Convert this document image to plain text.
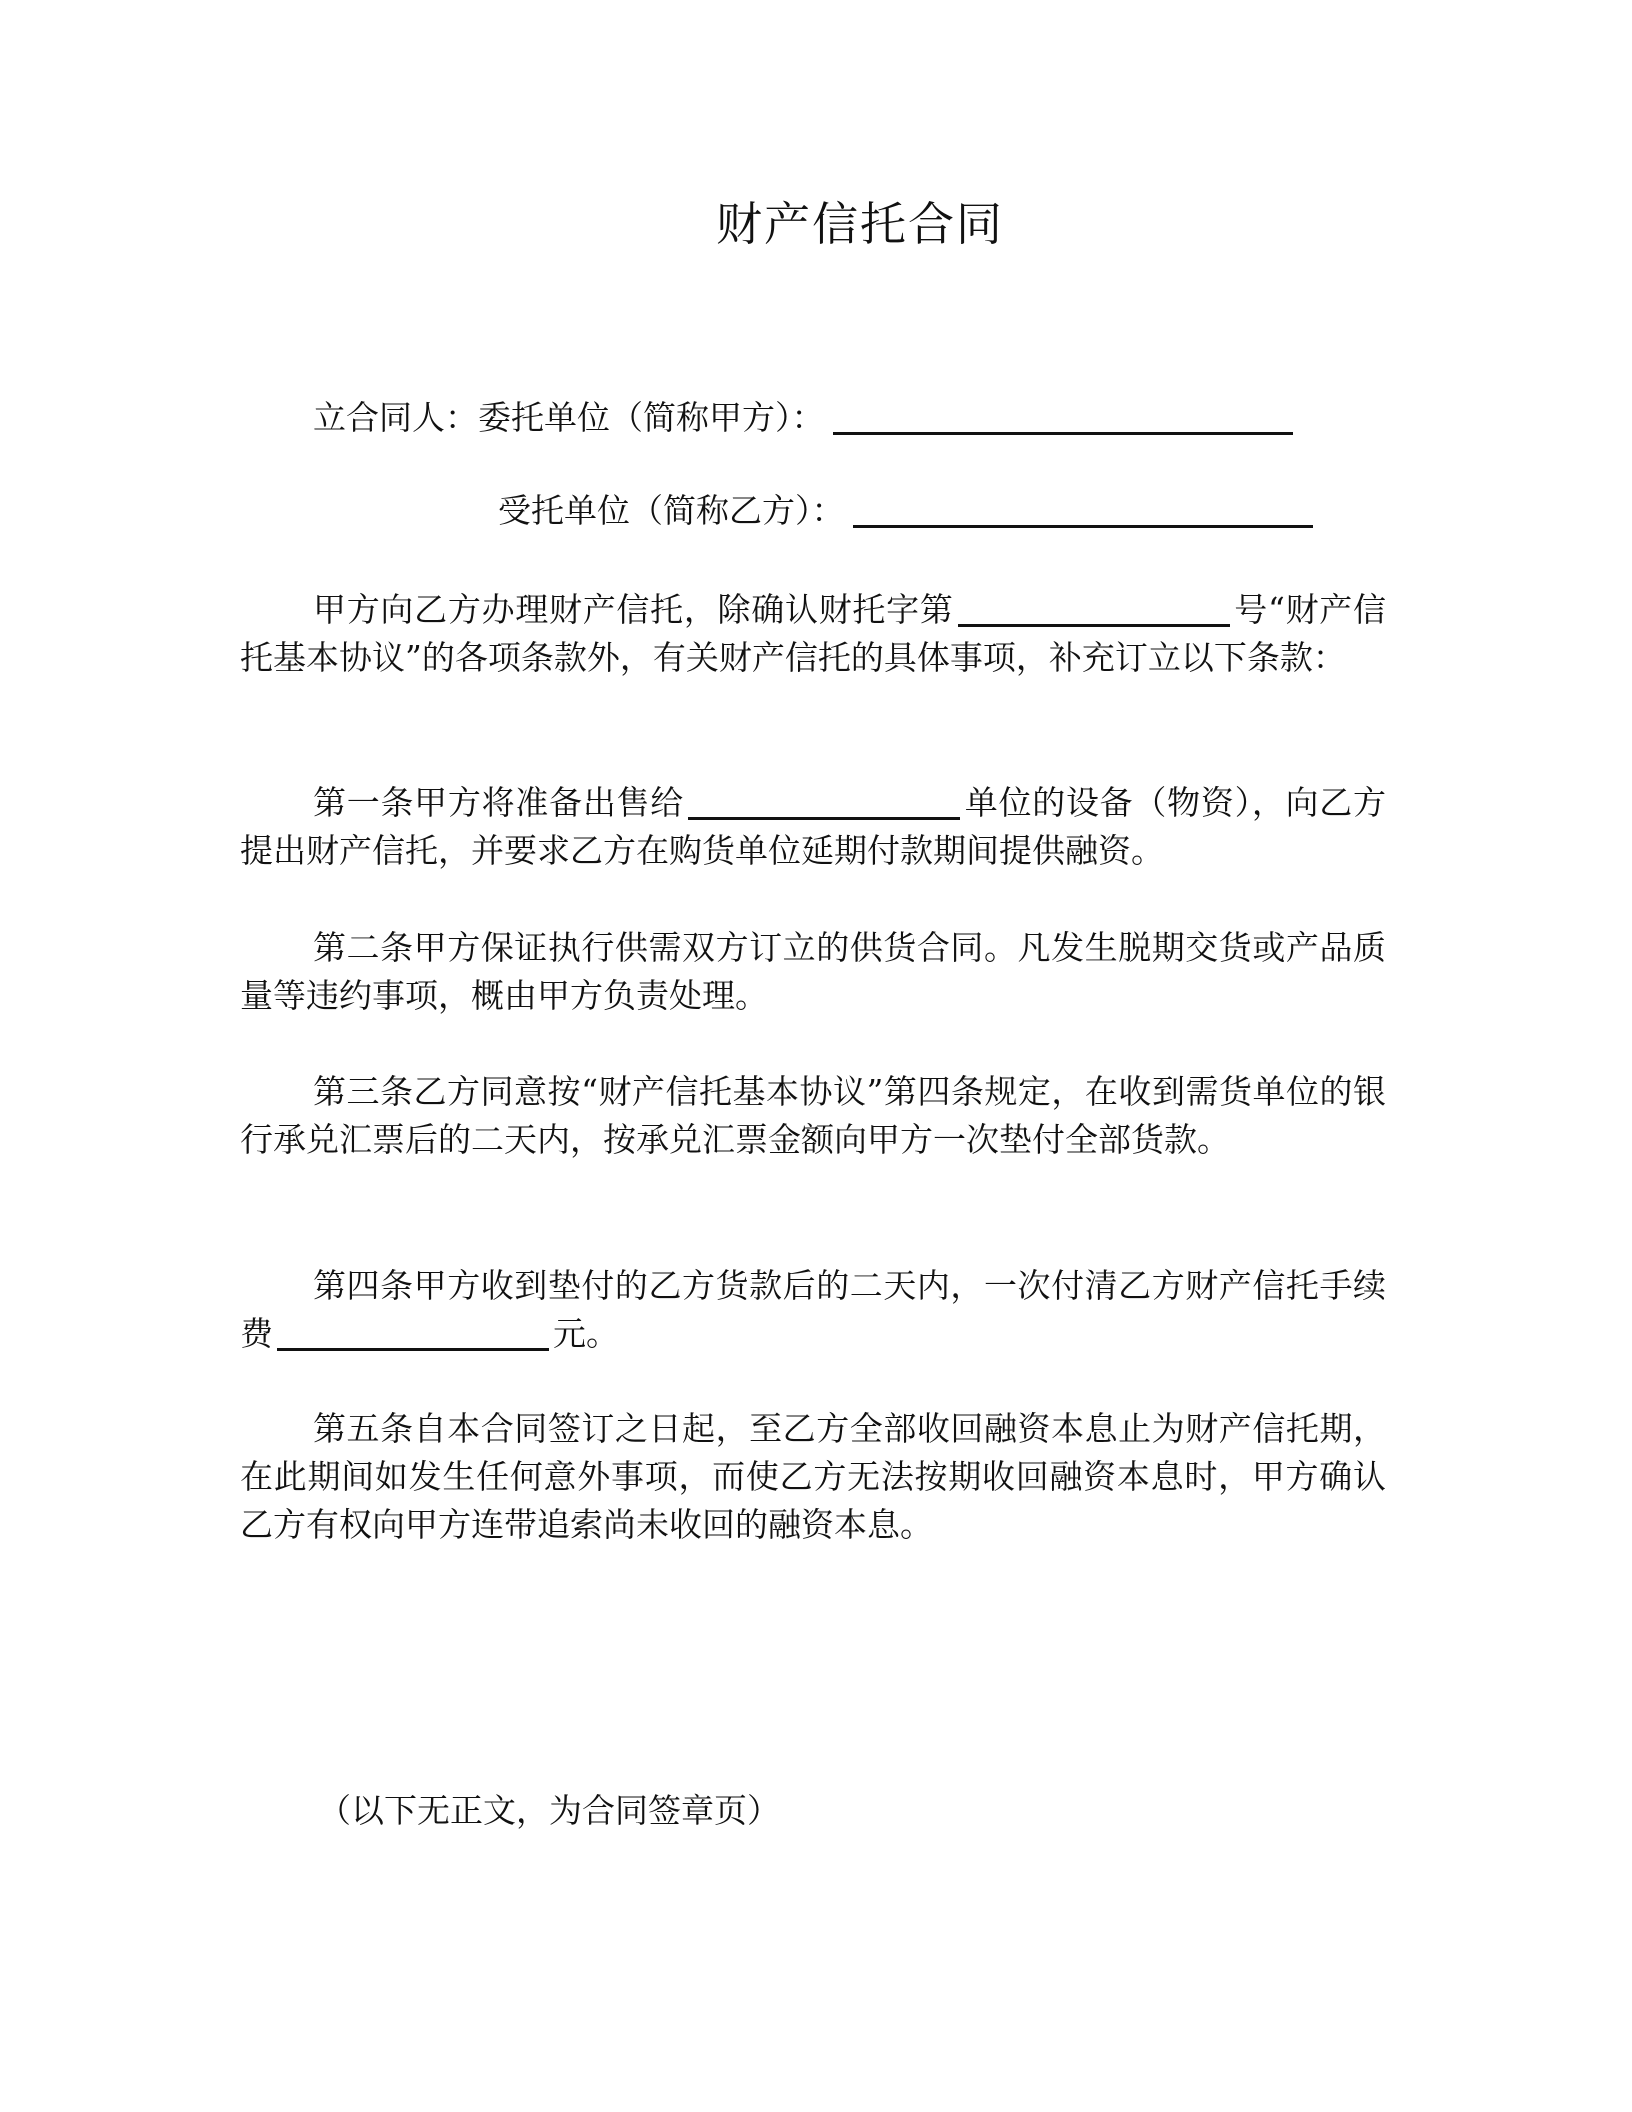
财产信托合同
立合同人：委托单位（简称甲方）：
受托单位（简称乙方）：

甲方向乙方办理财产信托，除确认财托字第	号“财产信托基本协议”的各项条款外，有关财产信托的具体事项，补充订立以下条款：

第一条甲方将准备出售给	单位的设备（物资），向乙方提出财产信托，并要求乙方在购货单位延期付款期间提供融资。

第二条甲方保证执行供需双方订立的供货合同。凡发生脱期交货或产品质量等违约事项，概由甲方负责处理。

第三条乙方同意按“财产信托基本协议”第四条规定，在收到需货单位的银行承兑汇票后的二天内，按承兑汇票金额向甲方一次垫付全部货款。

第四条甲方收到垫付的乙方货款后的二天内，一次付清乙方财产信托手续费	元。

第五条自本合同签订之日起，至乙方全部收回融资本息止为财产信托期，在此期间如发生任何意外事项，而使乙方无法按期收回融资本息时，甲方确认乙方有权向甲方连带追索尚未收回的融资本息。

（以下无正文，为合同签章页）
